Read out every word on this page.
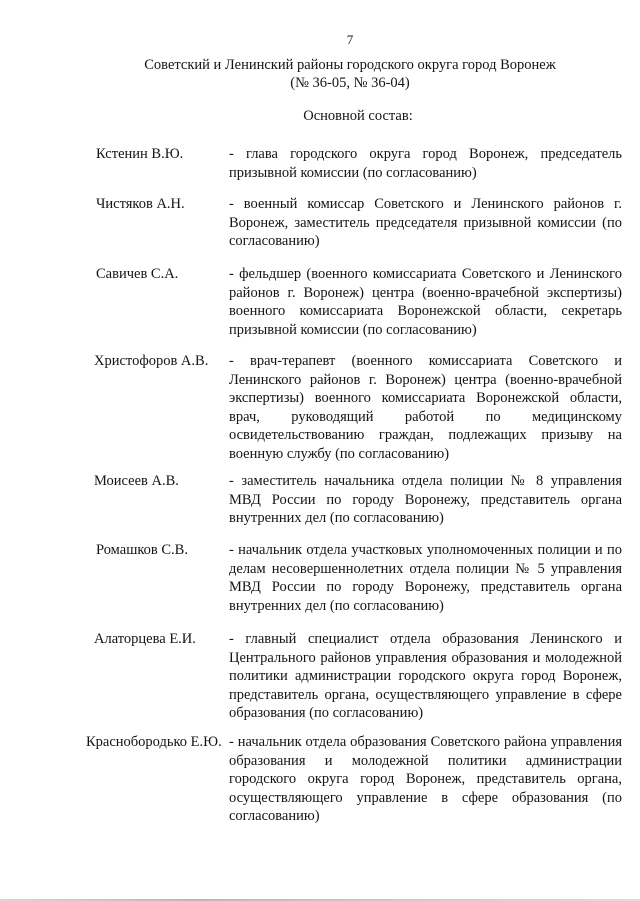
7
Советский и Ленинский районы городского округа город Воронеж
(№ 36-05, № 36-04)
Основной состав:
Кстенин В.Ю.	- глава городского округа город Воронеж, председатель призывной комиссии (по согласованию)
Чистяков А.Н.	- военный комиссар Советского и Ленинского районов г. Воронеж, заместитель председателя призывной комиссии (по согласованию)
Савичев С.А.	- фельдшер (военного комиссариата Советского и Ленинского районов г. Воронеж) центра (военно-врачебной экспертизы) военного комиссариата Воронежской области, секретарь призывной комиссии (по согласованию)
Христофоров А.В. - врач-терапевт (военного комиссариата Советского и Ленинского районов г. Воронеж) центра (военно-врачебной экспертизы) военного комиссариата Воронежской области, врач, руководящий работой по медицинскому освидетельствованию граждан, подлежащих призыву на военную службу (по согласованию)
Моисеев А.В.	- заместитель начальника отдела полиции № 8 управления МВД России по городу Воронежу, представитель органа внутренних дел (по согласованию)
Ромашков С.В.	- начальник отдела участковых уполномоченных полиции и по делам несовершеннолетних отдела полиции № 5 управления МВД России по городу Воронежу, представитель органа внутренних дел (по согласованию)
Алаторцева Е.И. - главный специалист отдела образования Ленинского и Центрального районов управления образования и молодежной политики администрации городского округа город Воронеж, представитель органа, осуществляющего управление в сфере образования (по согласованию)
Краснобородько Е.Ю. - начальник отдела образования Советского района управления образования и молодежной политики администрации городского округа город Воронеж, представитель органа, осуществляющего управление в сфере образования (по согласованию)
